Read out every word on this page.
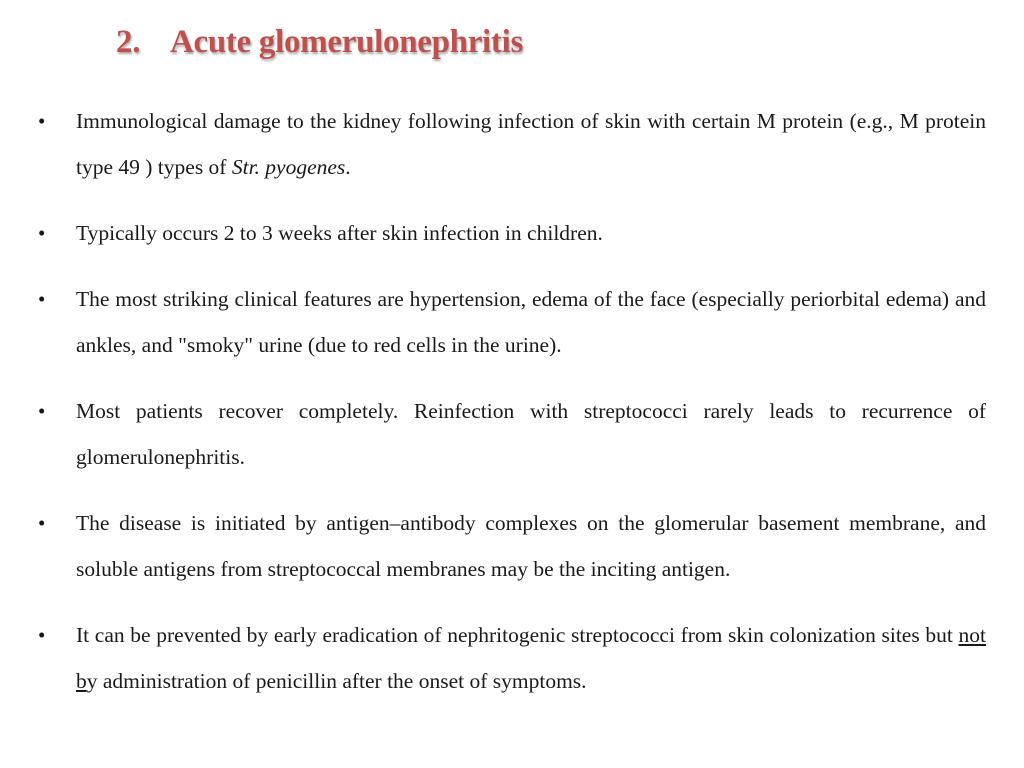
2. Acute glomerulonephritis
• Immunological damage to the kidney following infection of skin with certain M protein (e.g., M protein type 49 ) types of Str. pyogenes.
• Typically occurs 2 to 3 weeks after skin infection in children.
• The most striking clinical features are hypertension, edema of the face (especially periorbital edema) and ankles, and "smoky" urine (due to red cells in the urine).
• Most patients recover completely. Reinfection with streptococci rarely leads to recurrence of glomerulonephritis.
• The disease is initiated by antigen–antibody complexes on the glomerular basement membrane, and soluble antigens from streptococcal membranes may be the inciting antigen.
• It can be prevented by early eradication of nephritogenic streptococci from skin colonization sites but not by administration of penicillin after the onset of symptoms.
